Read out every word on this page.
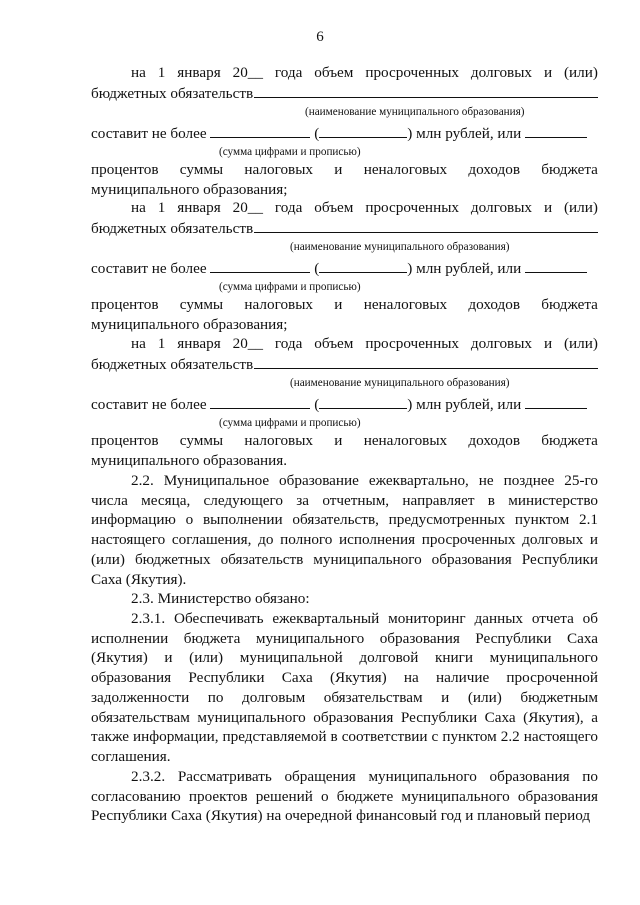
6
на 1 января 20__ года объем просроченных долговых и (или)
бюджетных обязательств
(наименование муниципального образования)
составит не более	(	) млн рублей, или
(сумма цифрами и прописью)
процентов суммы налоговых и неналоговых доходов бюджета
муниципального образования;
на 1 января 20__ года объем просроченных долговых и (или)
бюджетных обязательств
(наименование муниципального образования)
составит не более	(	) млн рублей, или
(сумма цифрами и прописью)
процентов суммы налоговых и неналоговых доходов бюджета
муниципального образования;
на 1 января 20__ года объем просроченных долговых и (или)
бюджетных обязательств
(наименование муниципального образования)
составит не более	(	) млн рублей, или
(сумма цифрами и прописью)
процентов суммы налоговых и неналоговых доходов бюджета
муниципального образования.
2.2. Муниципальное образование ежеквартально, не позднее 25-го
числа месяца, следующего за отчетным, направляет в министерство
информацию о выполнении обязательств, предусмотренных пунктом 2.1
настоящего соглашения, до полного исполнения просроченных долговых и
(или) бюджетных обязательств муниципального образования Республики
Саха (Якутия).
2.3. Министерство обязано:
2.3.1. Обеспечивать ежеквартальный мониторинг данных отчета об
исполнении бюджета муниципального образования Республики Саха
(Якутия) и (или) муниципальной долговой книги муниципального
образования Республики Саха (Якутия) на наличие просроченной
задолженности по долговым обязательствам и (или) бюджетным
обязательствам муниципального образования Республики Саха (Якутия), а
также информации, представляемой в соответствии с пунктом 2.2 настоящего
соглашения.
2.3.2. Рассматривать обращения муниципального образования по
согласованию проектов решений о бюджете муниципального образования
Республики Саха (Якутия) на очередной финансовый год и плановый период
